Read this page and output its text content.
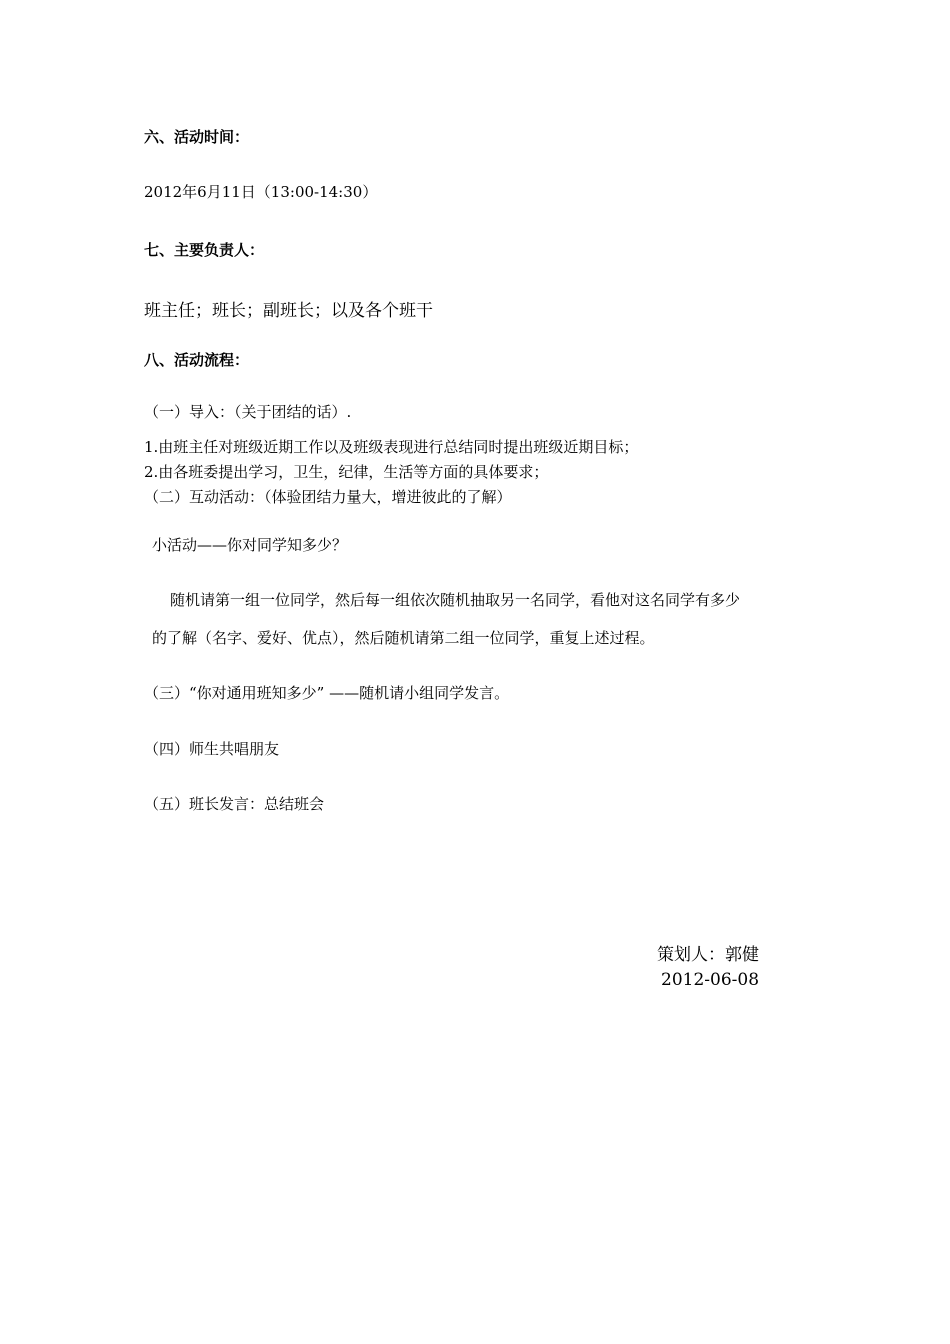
六、活动时间：
2012年6月11日（13:00-14:30）
七、主要负责人：
班主任；班长；副班长；以及各个班干
八、活动流程：
（一）导入：（关于团结的话）.
1.由班主任对班级近期工作以及班级表现进行总结同时提出班级近期目标；
2.由各班委提出学习，卫生，纪律，生活等方面的具体要求；
（二）互动活动：（体验团结力量大，增进彼此的了解）
小活动——你对同学知多少？
随机请第一组一位同学，然后每一组依次随机抽取另一名同学，看他对这名同学有多少
的了解（名字、爱好、优点），然后随机请第二组一位同学，重复上述过程。
（三）“你对通用班知多少” ——随机请小组同学发言。
（四）师生共唱朋友
（五）班长发言：总结班会
策划人：郭健
2012-06-08
